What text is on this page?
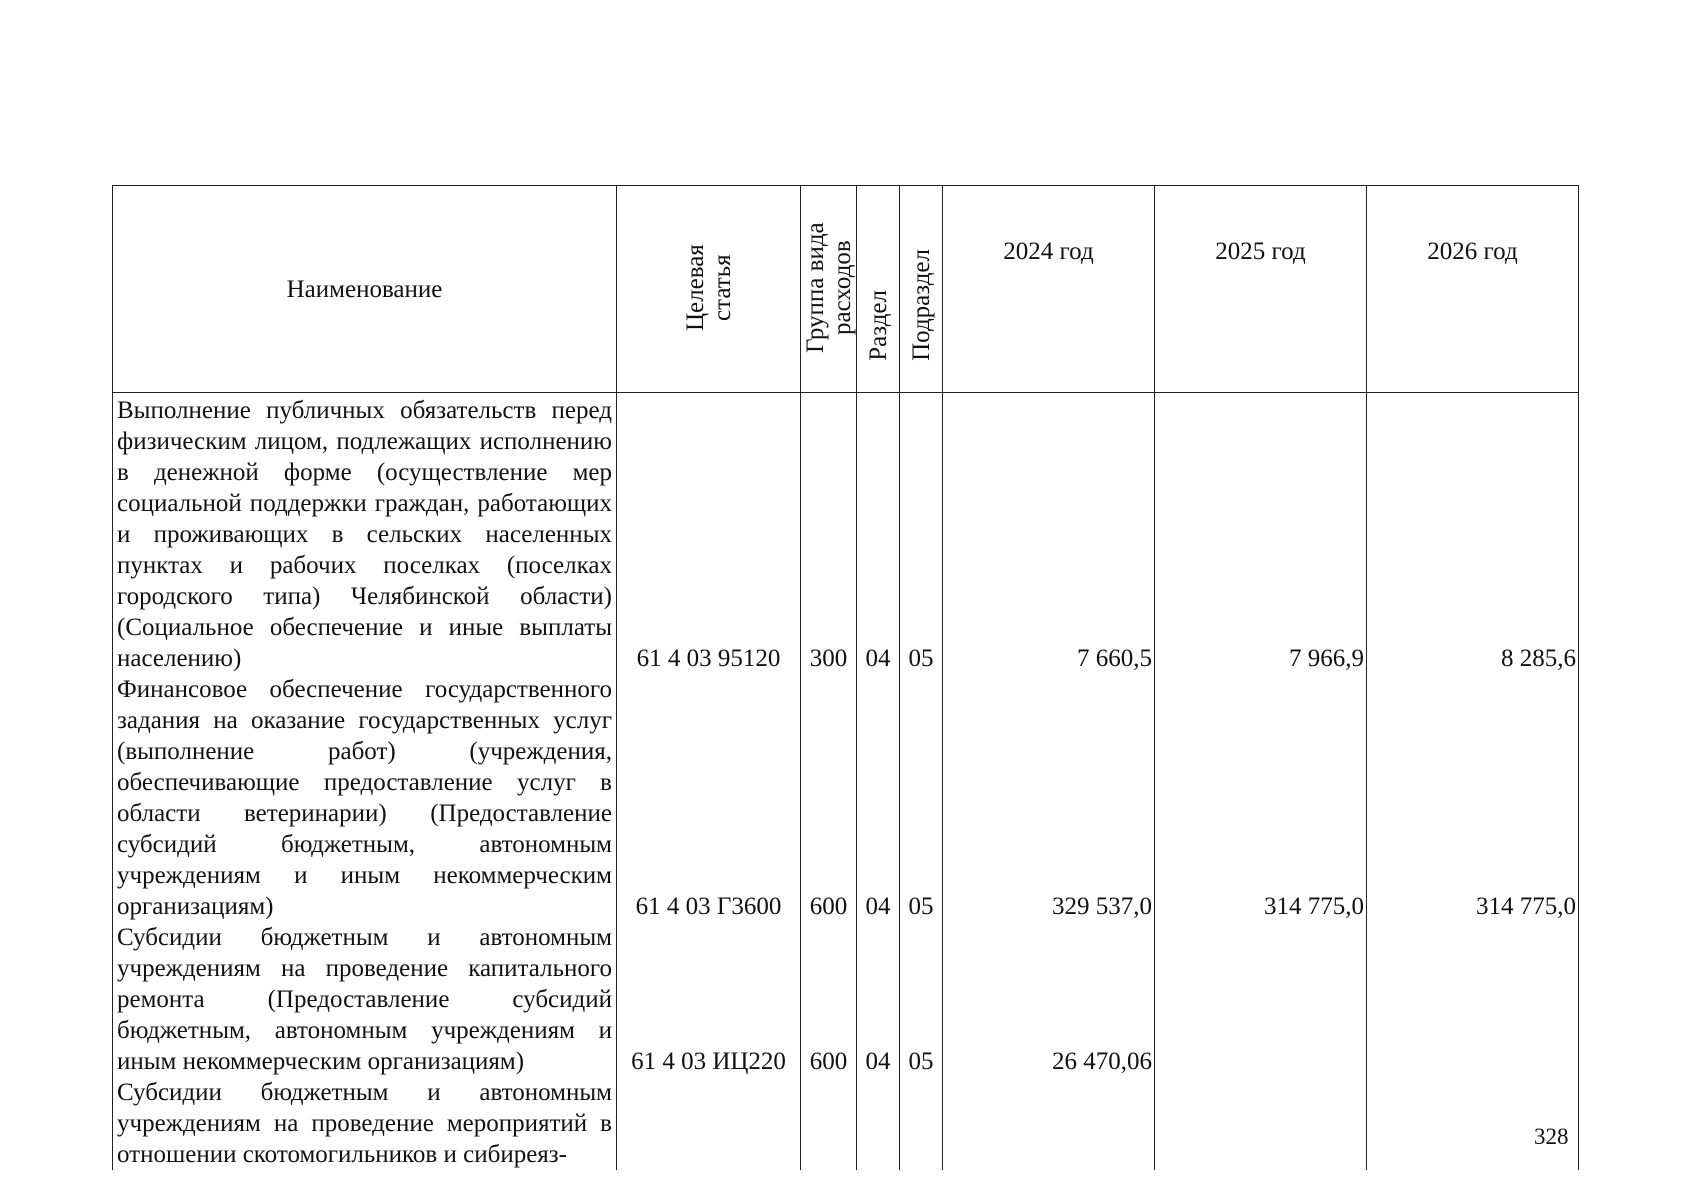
Наименование	Целевая статья	Группа вида расходов	Раздел	Подраздел	2024 год	2025 год	2026 год
Выполнение публичных обязательств перед физическим лицом, подлежащих исполнению в денежной форме (осуществление мер социальной поддержки граждан, работающих и проживающих в сельских населенных пунктах и рабочих поселках (поселках городского типа) Челябинской области) (Социальное обеспечение и иные выплаты населению)	61 4 03 95120	300	04	05	7 660,5	7 966,9	8 285,6
Финансовое обеспечение государственного задания на оказание государственных услуг (выполнение работ) (учреждения, обеспечивающие предоставление услуг в области ветеринарии) (Предоставление субсидий бюджетным, автономным учреждениям и иным некоммерческим организациям)	61 4 03 Г3600	600	04	05	329 537,0	314 775,0	314 775,0
Субсидии бюджетным и автономным учреждениям на проведение капитального ремонта (Предоставление субсидий бюджетным, автономным учреждениям и иным некоммерческим организациям)	61 4 03 ИЦ220	600	04	05	26 470,06		
Субсидии бюджетным и автономным учреждениям на проведение мероприятий в отношении скотомогильников и сибиреяз-							
328
